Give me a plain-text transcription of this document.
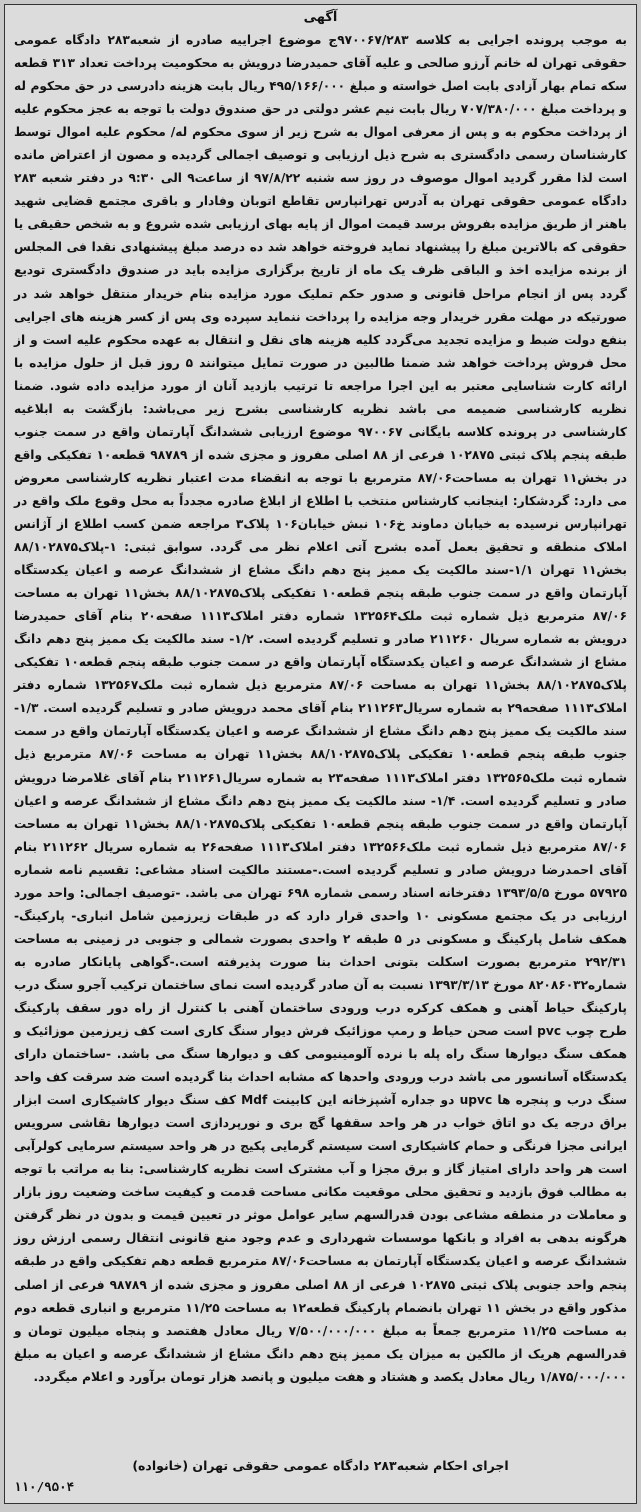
آگهی

به موجب پرونده اجرایی به کلاسه ۹۷۰۰۶۷/۲۸۳ج موضوع اجراییه صادره از شعبه۲۸۳ دادگاه عمومی حقوقی تهران له خانم آرزو صالحی و علیه آقای حمیدرضا درویش به محکومیت پرداخت تعداد ۳۱۳ قطعه سکه تمام بهار آزادی بابت اصل خواسته و مبلغ ۴۹۵/۱۶۶/۰۰۰ ریال بابت هزینه دادرسی در حق محکوم له و پرداخت مبلغ ۷۰۷/۳۸۰/۰۰۰ ریال بابت نیم عشر دولتی در حق صندوق دولت با توجه به عجز محکوم علیه از پرداخت محکوم به و پس از معرفی اموال به شرح زیر از سوی محکوم له/ محکوم علیه اموال توسط کارشناسان رسمی دادگستری به شرح ذیل ارزیابی و توصیف اجمالی گردیده و مصون از اعتراض مانده است لذا مقرر گردید اموال موصوف در روز سه شنبه ۹۷/۸/۲۲ از ساعت۹ الی ۹:۳۰ در دفتر شعبه ۲۸۳ دادگاه عمومی حقوقی تهران به آدرس تهرانپارس تقاطع اتوبان وفادار و باقری مجتمع قضایی شهید باهنر از طریق مزایده بفروش برسد قیمت اموال از پایه بهای ارزیابی شده شروع و به شخص حقیقی یا حقوقی که بالاترین مبلغ را پیشنهاد نماید فروخته خواهد شد ده درصد مبلغ پیشنهادی نقدا فی المجلس از برنده مزایده اخذ و الباقی ظرف یک ماه از تاریخ برگزاری مزایده باید در صندوق دادگستری تودیع گردد پس از انجام مراحل قانونی و صدور حکم تملیک مورد مزایده بنام خریدار منتقل خواهد شد در صورتیکه در مهلت مقرر خریدار وجه مزایده را پرداخت ننماید سپرده وی پس از کسر هزینه های اجرایی بنفع دولت ضبط و مزایده تجدید می‌گردد کلیه هزینه های نقل و انتقال به عهده محکوم علیه است و از محل فروش پرداخت خواهد شد ضمنا طالبین در صورت تمایل میتوانند ۵ روز قبل از حلول مزایده با ارائه کارت شناسایی معتبر به این اجرا مراجعه تا ترتیب بازدید آنان از مورد مزایده داده شود. ضمنا نظریه کارشناسی ضمیمه می باشد نظریه کارشناسی بشرح زیر می‌باشد: بازگشت به ابلاغیه کارشناسی در پرونده کلاسه بایگانی ۹۷۰۰۶۷ موضوع ارزیابی ششدانگ آپارتمان واقع در سمت جنوب طبقه پنجم پلاک ثبتی ۱۰۲۸۷۵ فرعی از ۸۸ اصلی مفروز و مجزی شده از ۹۸۷۸۹ قطعه۱۰ تفکیکی واقع در بخش۱۱ تهران به مساحت۸۷/۰۶ مترمربع با توجه به انقضاء مدت اعتبار نظریه کارشناسی معروض می دارد: گردشکار: اینجانب کارشناس منتخب با اطلاع از ابلاغ صادره مجدداً به محل وقوع ملک واقع در تهرانپارس نرسیده به خیابان دماوند خ۱۰۶ نبش خیابان۱۰۶ پلاک۳ مراجعه ضمن کسب اطلاع از آژانس املاک منطقه و تحقیق بعمل آمده بشرح آتی اعلام نظر می گردد. سوابق ثبتی: ۱-پلاک۸۸/۱۰۲۸۷۵ بخش۱۱ تهران ۱/۱-سند مالکیت یک ممیز پنج دهم دانگ مشاع از ششدانگ عرصه و اعیان یکدستگاه آپارتمان واقع در سمت جنوب طبقه پنجم قطعه۱۰ تفکیکی پلاک۸۸/۱۰۲۸۷۵ بخش۱۱ تهران به مساحت ۸۷/۰۶ مترمربع ذیل شماره ثبت ملک۱۳۲۵۶۴ شماره دفتر املاک۱۱۱۳ صفحه۲۰ بنام آقای حمیدرضا درویش به شماره سریال ۲۱۱۲۶۰ صادر و تسلیم گردیده است. ۱/۲- سند مالکیت یک ممیز پنج دهم دانگ مشاع از ششدانگ عرصه و اعیان یکدستگاه آپارتمان واقع در سمت جنوب طبقه پنجم قطعه۱۰ تفکیکی پلاک۸۸/۱۰۲۸۷۵ بخش۱۱ تهران به مساحت ۸۷/۰۶ مترمربع ذیل شماره ثبت ملک۱۳۲۵۶۷ شماره دفتر املاک۱۱۱۳ صفحه۲۹ به شماره سریال۲۱۱۲۶۳ بنام آقای محمد درویش صادر و تسلیم گردیده است. ۱/۳- سند مالکیت یک ممیز پنج دهم دانگ مشاع از ششدانگ عرصه و اعیان یکدستگاه آپارتمان واقع در سمت جنوب طبقه پنجم قطعه۱۰ تفکیکی پلاک۸۸/۱۰۲۸۷۵ بخش۱۱ تهران به مساحت ۸۷/۰۶ مترمربع ذیل شماره ثبت ملک۱۳۲۵۶۵ دفتر املاک۱۱۱۳ صفحه۲۳ به شماره سریال۲۱۱۲۶۱ بنام آقای غلامرضا درویش صادر و تسلیم گردیده است. ۱/۴- سند مالکیت یک ممیز پنج دهم دانگ مشاع از ششدانگ عرصه و اعیان آپارتمان واقع در سمت جنوب طبقه پنجم قطعه۱۰ تفکیکی پلاک۸۸/۱۰۲۸۷۵ بخش۱۱ تهران به مساحت ۸۷/۰۶ مترمربع ذیل شماره ثبت ملک۱۳۲۵۶۶ دفتر املاک۱۱۱۳ صفحه۲۶ به شماره سریال ۲۱۱۲۶۲ بنام آقای احمدرضا درویش صادر و تسلیم گردیده است.-مستند مالکیت اسناد مشاعی: تقسیم نامه شماره ۵۷۹۲۵ مورخ ۱۳۹۳/۵/۵ دفترخانه اسناد رسمی شماره ۶۹۸ تهران می باشد. -توصیف اجمالی: واحد مورد ارزیابی در یک مجتمع مسکونی ۱۰ واحدی قرار دارد که در طبقات زیرزمین شامل انباری- پارکینگ- همکف شامل پارکینگ و مسکونی در ۵ طبقه ۲ واحدی بصورت شمالی و جنوبی در زمینی به مساحت ۲۹۲/۳۱ مترمربع بصورت اسکلت بتونی احداث بنا صورت پذیرفته است.-گواهی پایانکار صادره به شماره۸۲۰۸۶۰۳۲ مورخ ۱۳۹۳/۳/۱۳ نسبت به آن صادر گردیده است نمای ساختمان ترکیب آجرو سنگ درب پارکینگ حیاط آهنی و همکف کرکره درب ورودی ساختمان آهنی با کنترل از راه دور سقف پارکینگ طرح چوب pvc است صحن حیاط و رمپ موزائیک فرش دیوار سنگ کاری است کف زیرزمین موزائیک و همکف سنگ دیوارها سنگ راه پله با نرده آلومینیومی کف و دیوارها سنگ می باشد. -ساختمان دارای یکدستگاه آسانسور می باشد درب ورودی واحدها که مشابه احداث بنا گردیده است ضد سرقت کف واحد سنگ درب و پنجره ها upvc دو جداره آشپزخانه این کابینت Mdf کف سنگ دیوار کاشیکاری است ابزار براق درجه یک دو اتاق خواب در هر واحد سقفها گچ بری و نورپردازی است دیوارها نقاشی سرویس ایرانی مجزا فرنگی و حمام کاشیکاری است سیستم گرمایی پکیج در هر واحد سیستم سرمایی کولرآبی است هر واحد دارای امتیاز گاز و برق مجزا و آب مشترک است نظریه کارشناسی: بنا به مراتب با توجه به مطالب فوق بازدید و تحقیق محلی موقعیت مکانی مساحت قدمت و کیفیت ساخت وضعیت روز بازار و معاملات در منطقه مشاعی بودن قدرالسهم سایر عوامل موثر در تعیین قیمت و بدون در نظر گرفتن هرگونه بدهی به افراد و بانکها موسسات شهرداری و عدم وجود منع قانونی انتقال رسمی ارزش روز ششدانگ عرصه و اعیان یکدستگاه آپارتمان به مساحت۸۷/۰۶ مترمربع قطعه دهم تفکیکی واقع در طبقه پنجم واحد جنوبی پلاک ثبتی ۱۰۲۸۷۵ فرعی از ۸۸ اصلی مفروز و مجزی شده از ۹۸۷۸۹ فرعی از اصلی مذکور واقع در بخش ۱۱ تهران بانضمام پارکینگ قطعه۱۲ به مساحت ۱۱/۲۵ مترمربع و انباری قطعه دوم به مساحت ۱۱/۲۵ مترمربع جمعاً به مبلغ ۷/۵۰۰/۰۰۰/۰۰۰ ریال معادل هفتصد و پنجاه میلیون تومان و قدرالسهم هریک از مالکین به میزان یک ممیز پنج دهم دانگ مشاع از ششدانگ عرصه و اعیان به مبلغ ۱/۸۷۵/۰۰۰/۰۰۰ ریال معادل یکصد و هشتاد و هفت میلیون و پانصد هزار تومان برآورد و اعلام میگردد.

اجرای احکام شعبه۲۸۳ دادگاه عمومی حقوقی تهران (خانواده)
۱۱۰/۹۵۰۴
